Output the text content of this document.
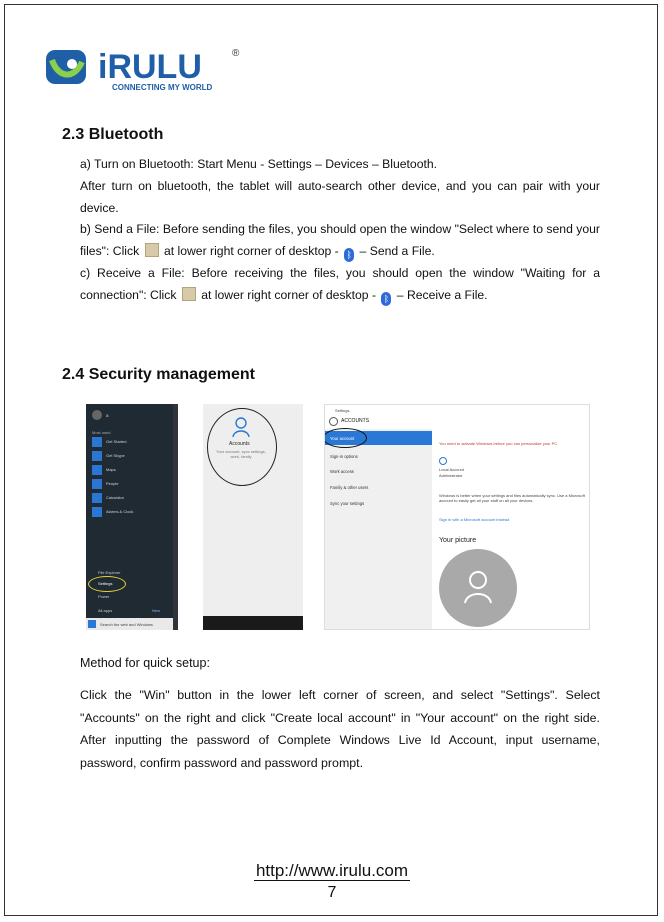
iRULU	®
CONNECTING MY WORLD
2.3 Bluetooth

a) Turn on Bluetooth: Start Menu - Settings – Devices – Bluetooth.

After turn on bluetooth, the tablet will auto-search other device, and you can pair with your device.

b) Send a File: Before sending the files, you should open the window "Select where to send your files": Click at lower right corner of desktop - ᛒ – Send a File.

c) Receive a File: Before receiving the files, you should open the window "Waiting for a connection": Click at lower right corner of desktop - ᛒ – Receive a File.

2.4 Security management
a
Most used
Get Started
Get Skype
Maps
People
Calculator
Alarms & Clock
File Explorer
Settings
Power
All apps	New
Search the web and Windows
Accounts
Your account, sync settings, work, family
Settings
ACCOUNTS
Your account
Sign-in options
Work access
Family & other users
Sync your settings
You need to activate Windows before you can personalize your PC.
Local Account
Administrator
Windows is better when your settings and files automatically sync. Use a Microsoft account to easily get all your stuff on all your devices.
Sign in with a Microsoft account instead
Your picture
Method for quick setup:

Click the "Win" button in the lower left corner of screen, and select "Settings". Select "Accounts" on the right and click "Create local account" in "Your account" on the right side. After inputting the password of Complete Windows Live Id Account, input username, password, confirm password and password prompt.

http://www.irulu.com
7
